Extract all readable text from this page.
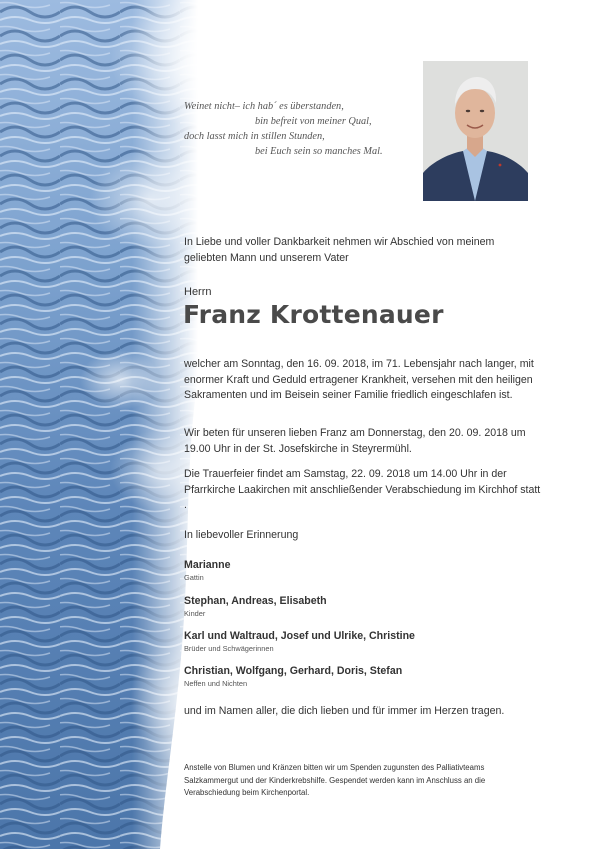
Weinet nicht– ich hab´ es überstanden,
bin befreit von meiner Qual,
doch lasst mich in stillen Stunden,
bei Euch sein so manches Mal.
In Liebe und voller Dankbarkeit nehmen wir Abschied von meinem geliebten Mann und unserem Vater
Herrn
Franz Krottenauer
welcher am Sonntag, den 16. 09. 2018, im 71. Lebensjahr nach langer, mit enormer Kraft und Geduld ertragener Krankheit, versehen mit den heiligen Sakramenten und im Beisein seiner Familie friedlich eingeschlafen ist.
Wir beten für unseren lieben Franz am Donnerstag, den 20. 09. 2018 um 19.00 Uhr in der St. Josefskirche in Steyrermühl.
Die Trauerfeier findet am Samstag, 22. 09. 2018 um 14.00 Uhr in der Pfarrkirche Laakirchen mit anschließender Verabschiedung im Kirchhof statt .
In liebevoller Erinnerung
Marianne
Gattin
Stephan, Andreas, Elisabeth
Kinder
Karl und Waltraud, Josef und Ulrike, Christine
Brüder und Schwägerinnen
Christian, Wolfgang, Gerhard, Doris, Stefan
Neffen und Nichten
und im Namen aller, die dich lieben und für immer im Herzen tragen.
Anstelle von Blumen und Kränzen bitten wir um Spenden zugunsten des Palliativteams Salzkammergut und der Kinderkrebshilfe. Gespendet werden kann im Anschluss an die Verabschiedung beim Kirchenportal.
